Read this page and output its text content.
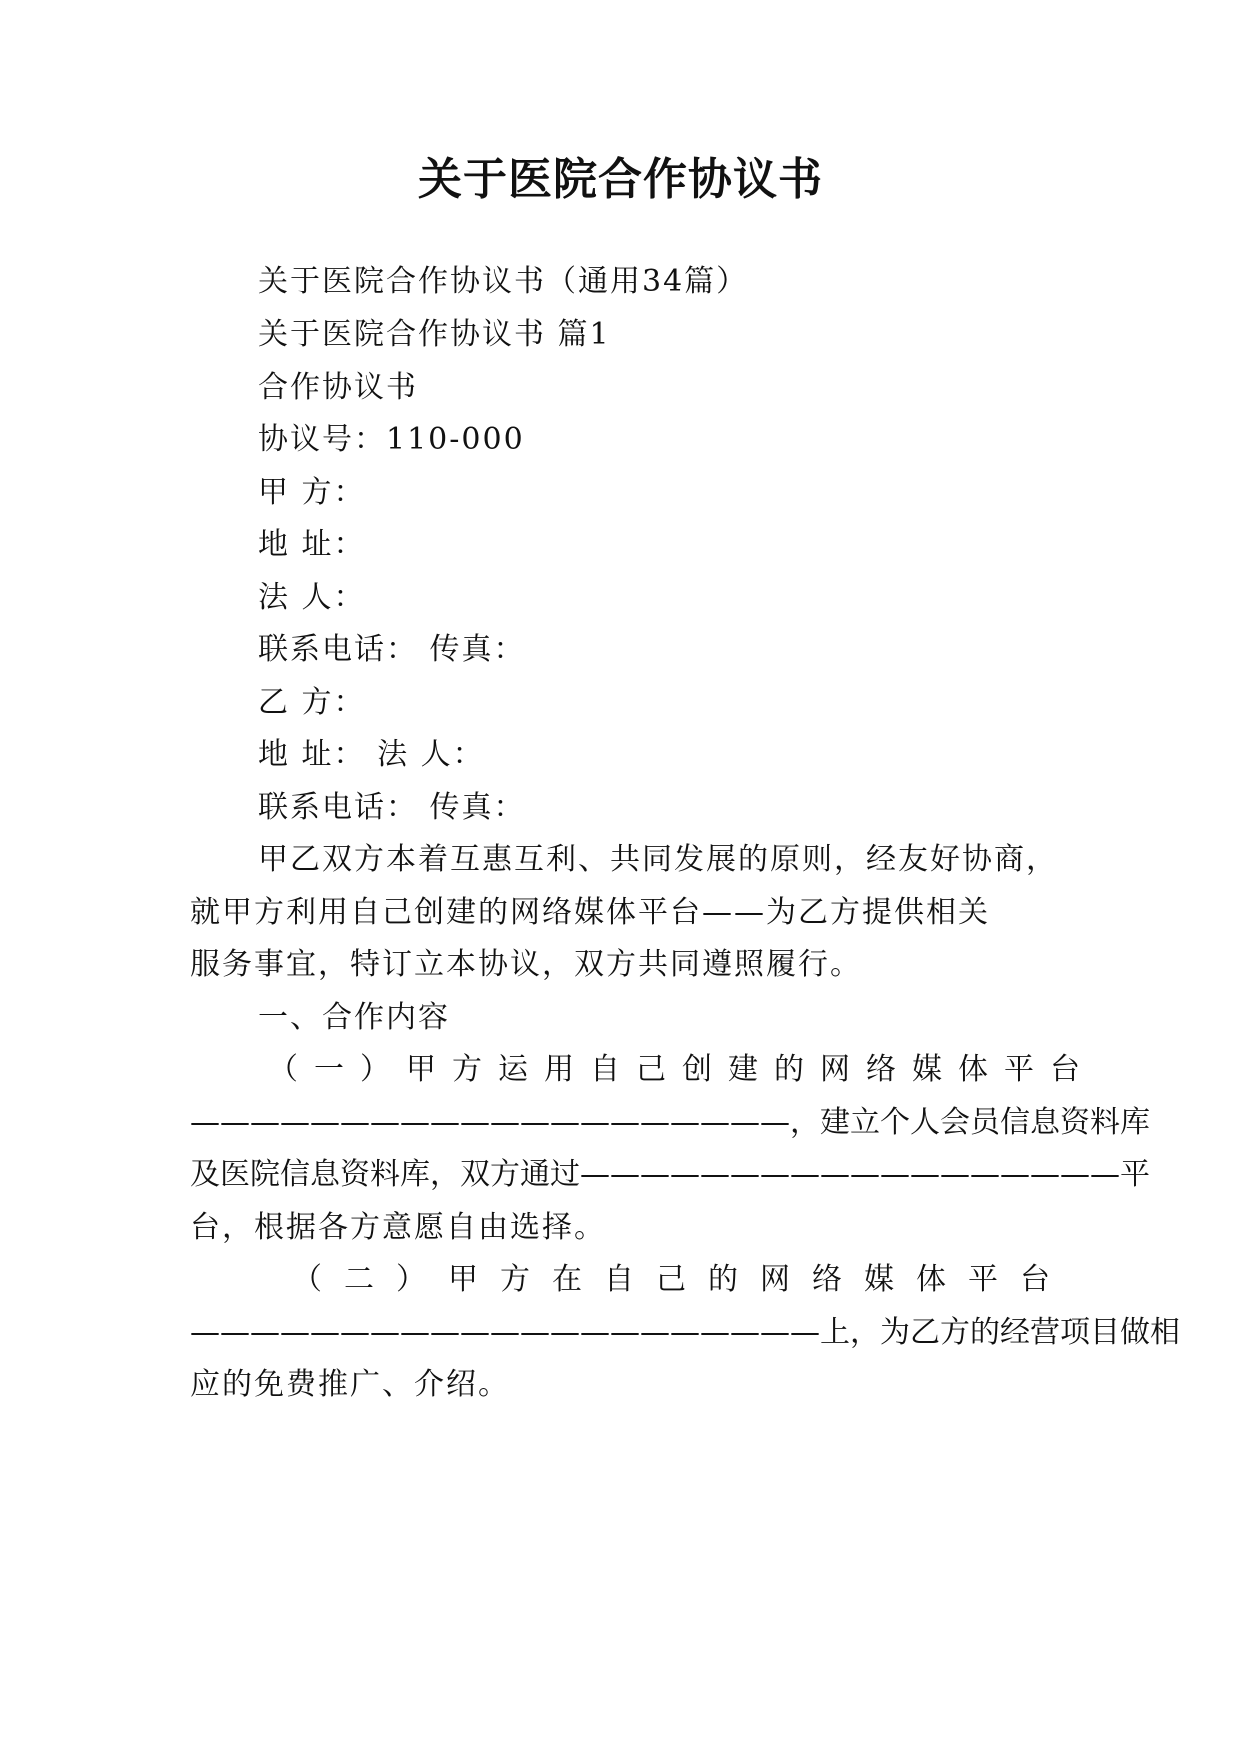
关于医院合作协议书
关于医院合作协议书（通用34篇）
关于医院合作协议书 篇1
合作协议书
协议号：110-000
甲 方：
地 址：
法 人：
联系电话： 传真：
乙 方：
地 址： 法 人：
联系电话： 传真：
甲乙双方本着互惠互利、共同发展的原则，经友好协商，
就甲方利用自己创建的网络媒体平台——为乙方提供相关
服务事宜，特订立本协议，双方共同遵照履行。
一、合作内容
（一）甲方运用自己创建的网络媒体平台
————————————————————，建立个人会员信息资料库
及医院信息资料库，双方通过——————————————————平
台，根据各方意愿自由选择。
（二）甲方在自己的网络媒体平台
—————————————————————上，为乙方的经营项目做相
应的免费推广、介绍。
